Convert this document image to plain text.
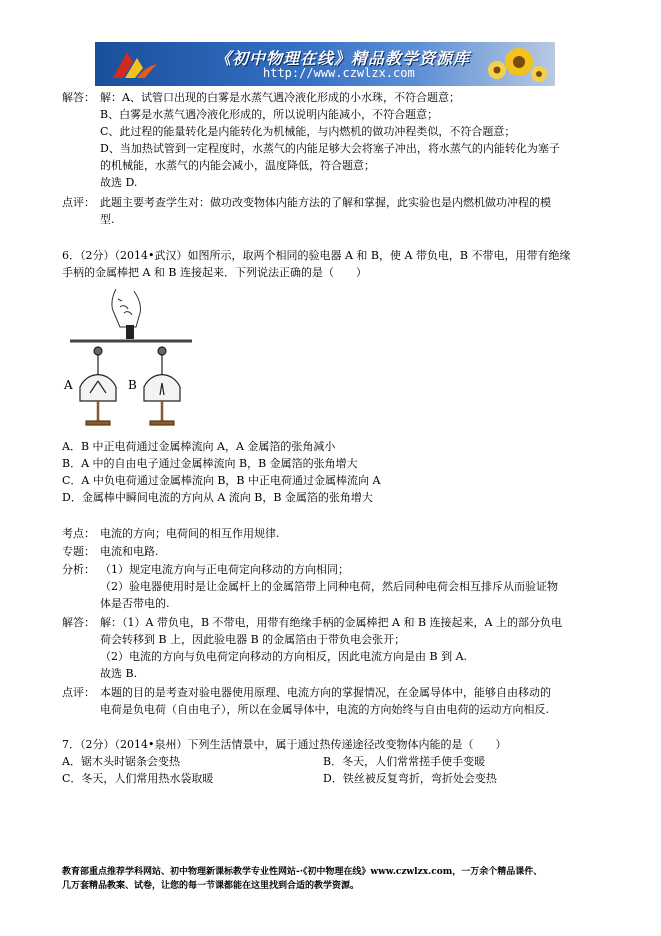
《初中物理在线》精品教学资源库
http://www.czwlzx.com
解答： 解：A、试管口出现的白雾是水蒸气遇冷液化形成的小水珠，不符合题意；
B、白雾是水蒸气遇冷液化形成的，所以说明内能减小，不符合题意；
C、此过程的能量转化是内能转化为机械能，与内燃机的做功冲程类似，不符合题意；
D、当加热试管到一定程度时，水蒸气的内能足够大会将塞子冲出，将水蒸气的内能转化为塞子
的机械能，水蒸气的内能会减小，温度降低，符合题意；
故选 D.
点评： 此题主要考查学生对：做功改变物体内能方法的了解和掌握，此实验也是内燃机做功冲程的模
型.
6．（2分）（2014•武汉）如图所示，取两个相同的验电器 A 和 B，使 A 带负电，B 不带电，用带有绝缘
手柄的金属棒把 A 和 B 连接起来．下列说法正确的是（　　）
A	B
A．B 中正电荷通过金属棒流向 A，A 金属箔的张角减小
B．A 中的自由电子通过金属棒流向 B，B 金属箔的张角增大
C．A 中负电荷通过金属棒流向 B，B 中正电荷通过金属棒流向 A
D．金属棒中瞬间电流的方向从 A 流向 B，B 金属箔的张角增大
考点： 电流的方向；电荷间的相互作用规律.
专题： 电流和电路.
分析： （1）规定电流方向与正电荷定向移动的方向相同；
（2）验电器使用时是让金属杆上的金属箔带上同种电荷，然后同种电荷会相互排斥从而验证物
体是否带电的.
解答： 解：（1）A 带负电，B 不带电，用带有绝缘手柄的金属棒把 A 和 B 连接起来，A 上的部分负电
荷会转移到 B 上，因此验电器 B 的金属箔由于带负电会张开；
（2）电流的方向与负电荷定向移动的方向相反，因此电流方向是由 B 到 A.
故选 B.
点评： 本题的目的是考查对验电器使用原理、电流方向的掌握情况，在金属导体中，能够自由移动的
电荷是负电荷（自由电子），所以在金属导体中，电流的方向始终与自由电荷的运动方向相反.
7．（2分）（2014•泉州）下列生活情景中，属于通过热传递途径改变物体内能的是（　　）
A．锯木头时锯条会变热	B．冬天，人们常常搓手使手变暖
C．冬天，人们常用热水袋取暖	D．铁丝被反复弯折，弯折处会变热
教育部重点推荐学科网站、初中物理新课标教学专业性网站-·《初中物理在线》www.czwlzx.com，一万余个精品课件、
几万套精品教案、试卷，让您的每一节课都能在这里找到合适的教学资源。
